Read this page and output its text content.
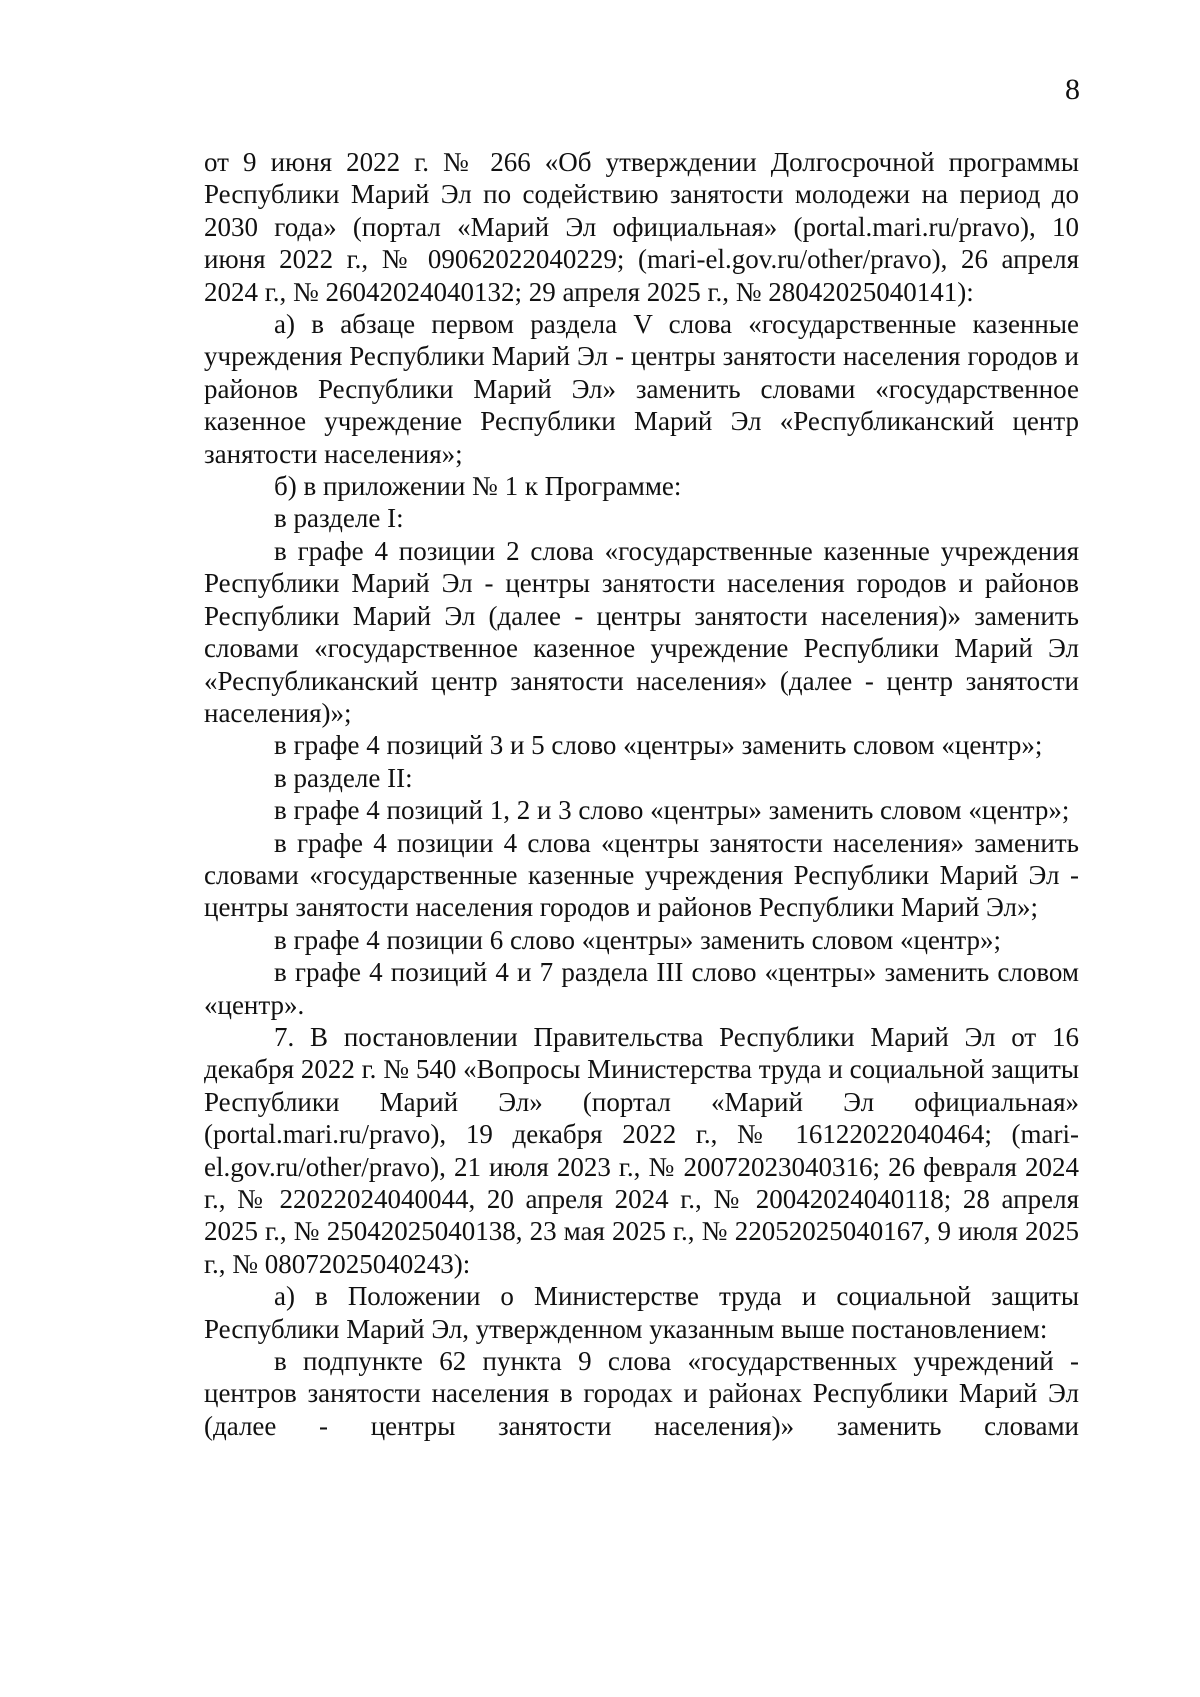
8

от 9 июня 2022 г. № 266 «Об утверждении Долгосрочной программы Республики Марий Эл по содействию занятости молодежи на период до 2030 года» (портал «Марий Эл официальная» (portal.mari.ru/pravo), 10 июня 2022 г., № 09062022040229; (mari-el.gov.ru/other/pravo), 26 апреля 2024 г., № 26042024040132; 29 апреля 2025 г., № 28042025040141):

а) в абзаце первом раздела V слова «государственные казенные учреждения Республики Марий Эл - центры занятости населения городов и районов Республики Марий Эл» заменить словами «государственное казенное учреждение Республики Марий Эл «Республиканский центр занятости населения»;

б) в приложении № 1 к Программе:

в разделе I:

в графе 4 позиции 2 слова «государственные казенные учреждения Республики Марий Эл - центры занятости населения городов и районов Республики Марий Эл (далее - центры занятости населения)» заменить словами «государственное казенное учреждение Республики Марий Эл «Республиканский центр занятости населения» (далее - центр занятости населения)»;

в графе 4 позиций 3 и 5 слово «центры» заменить словом «центр»;

в разделе II:

в графе 4 позиций 1, 2 и 3 слово «центры» заменить словом «центр»;

в графе 4 позиции 4 слова «центры занятости населения» заменить словами «государственные казенные учреждения Республики Марий Эл - центры занятости населения городов и районов Республики Марий Эл»;

в графе 4 позиции 6 слово «центры» заменить словом «центр»;

в графе 4 позиций 4 и 7 раздела III слово «центры» заменить словом «центр».

7. В постановлении Правительства Республики Марий Эл от 16 декабря 2022 г. № 540 «Вопросы Министерства труда и социальной защиты Республики Марий Эл» (портал «Марий Эл официальная» (portal.mari.ru/pravo), 19 декабря 2022 г., № 16122022040464; (mari-el.gov.ru/other/pravo), 21 июля 2023 г., № 20072023040316; 26 февраля 2024 г., № 22022024040044, 20 апреля 2024 г., № 20042024040118; 28 апреля 2025 г., № 25042025040138, 23 мая 2025 г., № 22052025040167, 9 июля 2025 г., № 08072025040243):

а) в Положении о Министерстве труда и социальной защиты Республики Марий Эл, утвержденном указанным выше постановлением:

в подпункте 62 пункта 9 слова «государственных учреждений - центров занятости населения в городах и районах Республики Марий Эл (далее - центры занятости населения)» заменить словами
